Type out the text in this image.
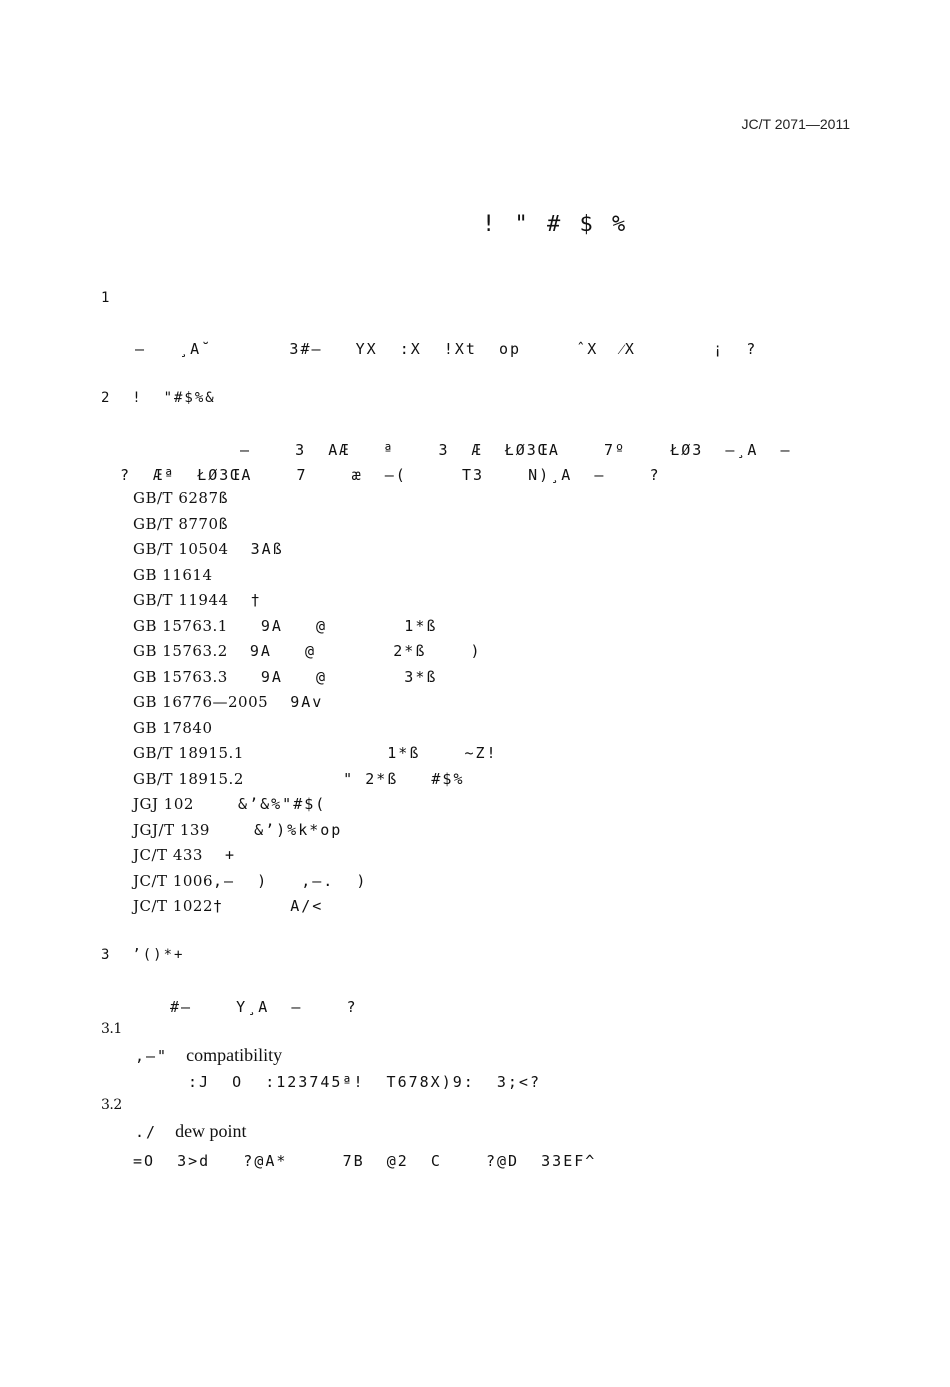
JC/T 2071—2011
! " # $ %
1
—   ¸A˘       3#—   YX  :X  !Xt  op     ˆX  ⁄X       ¡  ?
2  !  "#$%&
—    3  AÆ   ª    3  Æ  ŁØ3ŒA    7º    ŁØ3  —¸A  —
?  Æª  ŁØ3ŒA    7    æ  —(     T3    N)¸A  —    ?
GB/T 6287ß
GB/T 8770ß
GB/T 10504  3Aß
GB 11614
GB/T 11944  †
GB 15763.1   9A   @       1*ß
GB 15763.2  9A   @       2*ß    )
GB 15763.3   9A   @       3*ß
GB 16776—2005  9Av
GB 17840
GB/T 18915.1             1*ß    ~Z!
GB/T 18915.2         " 2*ß   #$%
JGJ 102    &’&%"#$(
JGJ/T 139    &’)%k*op
JC/T 433  +
JC/T 1006,—  )   ,—.  )
JC/T 1022†      A/<
3  ’()*+
#—    Y¸A  —    ?
3.1
,—" compatibility
:J  O  :123745ª!  T678X)9:  3;<?
3.2
./ dew point
=O  3>d   ?@A*     7B  @2  C    ?@D  33EF^
